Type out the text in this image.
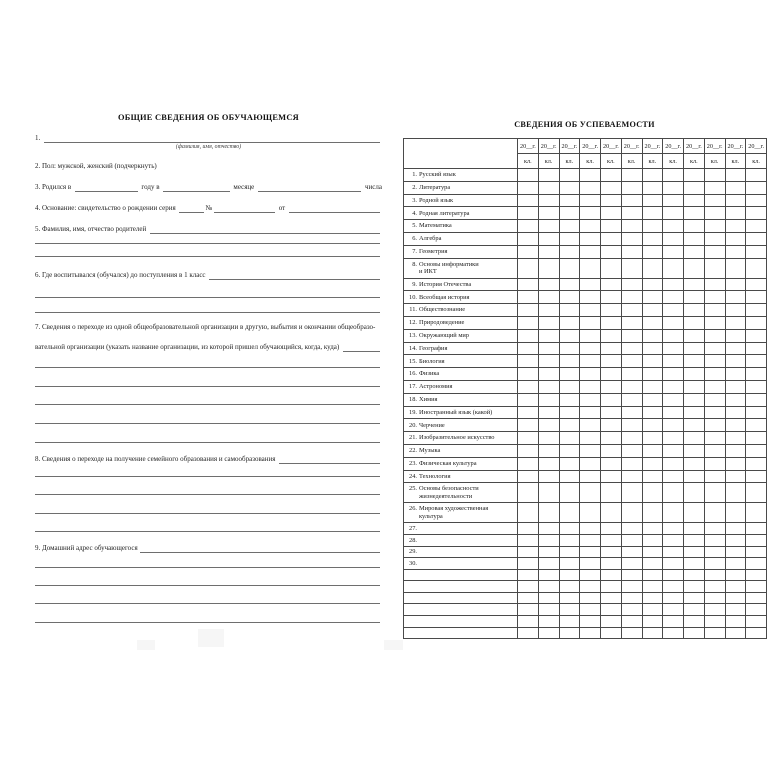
ОБЩИЕ СВЕДЕНИЯ ОБ ОБУЧАЮЩЕМСЯ
1.
(фамилия, имя, отчество)
2. Пол: мужской, женский (подчеркнуть)
3. Родился в	году в	месяце	числа
4. Основание: свидетельство о рождении серия	№	от
5. Фамилия, имя, отчество родителей
6. Где воспитывался (обучался) до поступления в 1 класс
7. Сведения о переходе из одной общеобразовательной организации в другую, выбытия и окончании общеобразо-
вательной организации (указать название организации, из которой пришел обучающийся, когда, куда)
8. Сведения о переходе на получение семейного образования и самообразования
9. Домашний адрес обучающегося
СВЕДЕНИЯ ОБ УСПЕВАЕМОСТИ
	20__г.	20__г.	20__г.	20__г.	20__г.	20__г.	20__г.	20__г.	20__г.	20__г.	20__г.	20__г.
	кл.	кл.	кл.	кл.	кл.	кл.	кл.	кл.	кл.	кл.	кл.	кл.

1. Русский язык												

2. Литература												

3. Родной язык												

4. Родная литература												

5. Математика												

6. Алгебра												

7. Геометрия												

8. Основы информатики
и ИКТ												

9. История Отечества												

10. Всеобщая история												

11. Обществознание												

12. Природоведение												

13. Окружающий мир												

14. География												

15. Биология												

16. Физика												

17. Астрономия												

18. Химия												

19. Иностранный язык (какой)												

20. Черчение												

21. Изобразительное искусство												

22. Музыка												

23. Физическая культура												

24. Технология												

25. Основы безопасности
жизнедеятельности												

26. Мировая художественная
культура												

27.												

28.												

29.												

30.												
